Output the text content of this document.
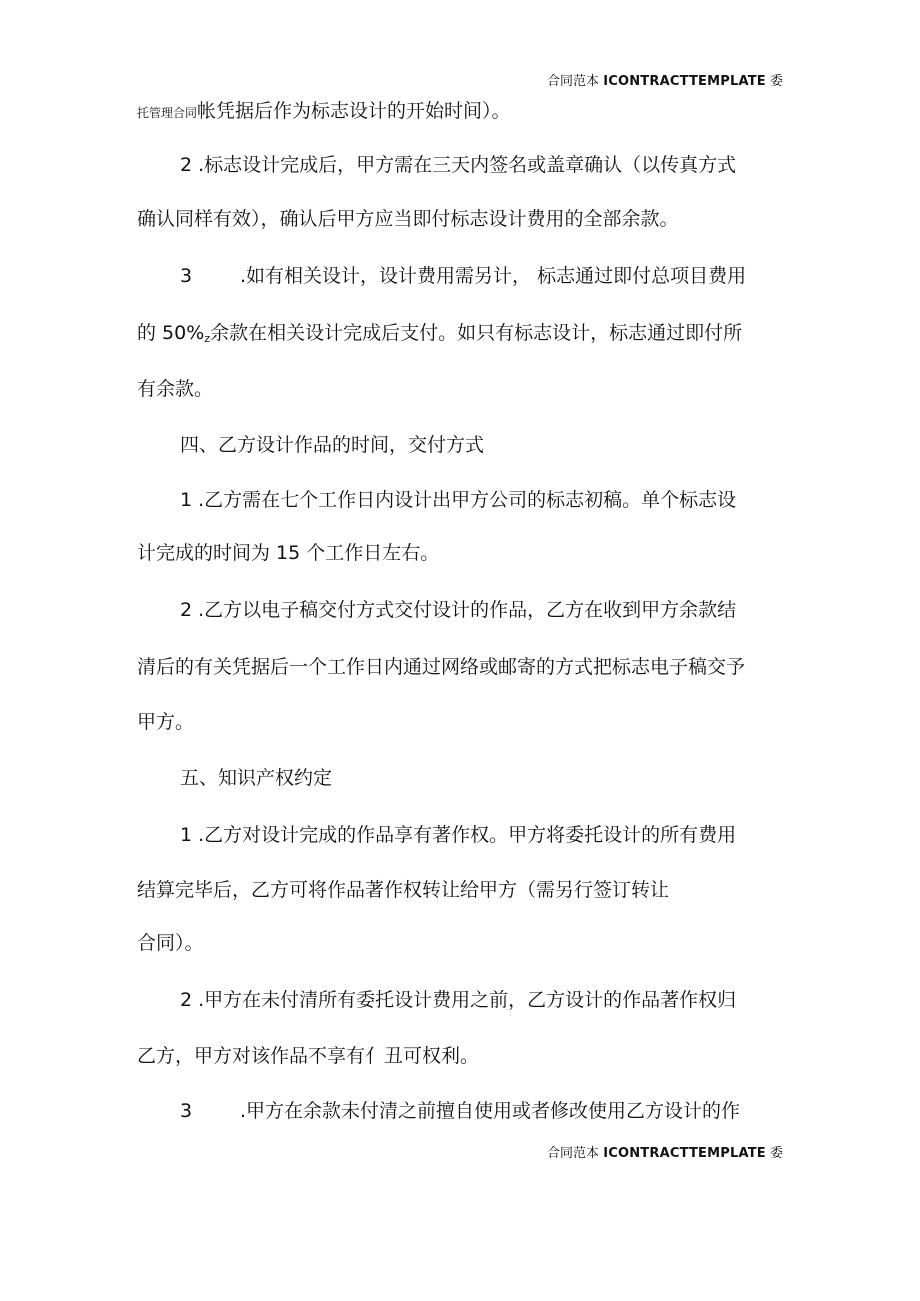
合同范本 ICONTRACTTEMPLATE 委
托管理合同帐凭据后作为标志设计的开始时间）。
2 .标志设计完成后，甲方需在三天内签名或盖章确认（以传真方式
确认同样有效），确认后甲方应当即付标志设计费用的全部余款。
3	.如有相关设计，设计费用需另计， 标志通过即付总项目费用
的 $50\%_z$余款在相关设计完成后支付。如只有标志设计，标志通过即付所
有余款。
四、乙方设计作品的时间，交付方式
1 .乙方需在七个工作日内设计出甲方公司的标志初稿。单个标志设
计完成的时间为 15 个工作日左右。
2 .乙方以电子稿交付方式交付设计的作品，乙方在收到甲方余款结
清后的有关凭据后一个工作日内通过网络或邮寄的方式把标志电子稿交予
甲方。
五、知识产权约定
1 .乙方对设计完成的作品享有著作权。甲方将委托设计的所有费用
结算完毕后，乙方可将作品著作权转让给甲方（需另行签订转让
合同）。
2 .甲方在未付清所有委托设计费用之前，乙方设计的作品著作权归
乙方，甲方对该作品不享有亻丑可权利。
3	.甲方在余款未付清之前擅自使用或者修改使用乙方设计的作
合同范本 ICONTRACTTEMPLATE 委
